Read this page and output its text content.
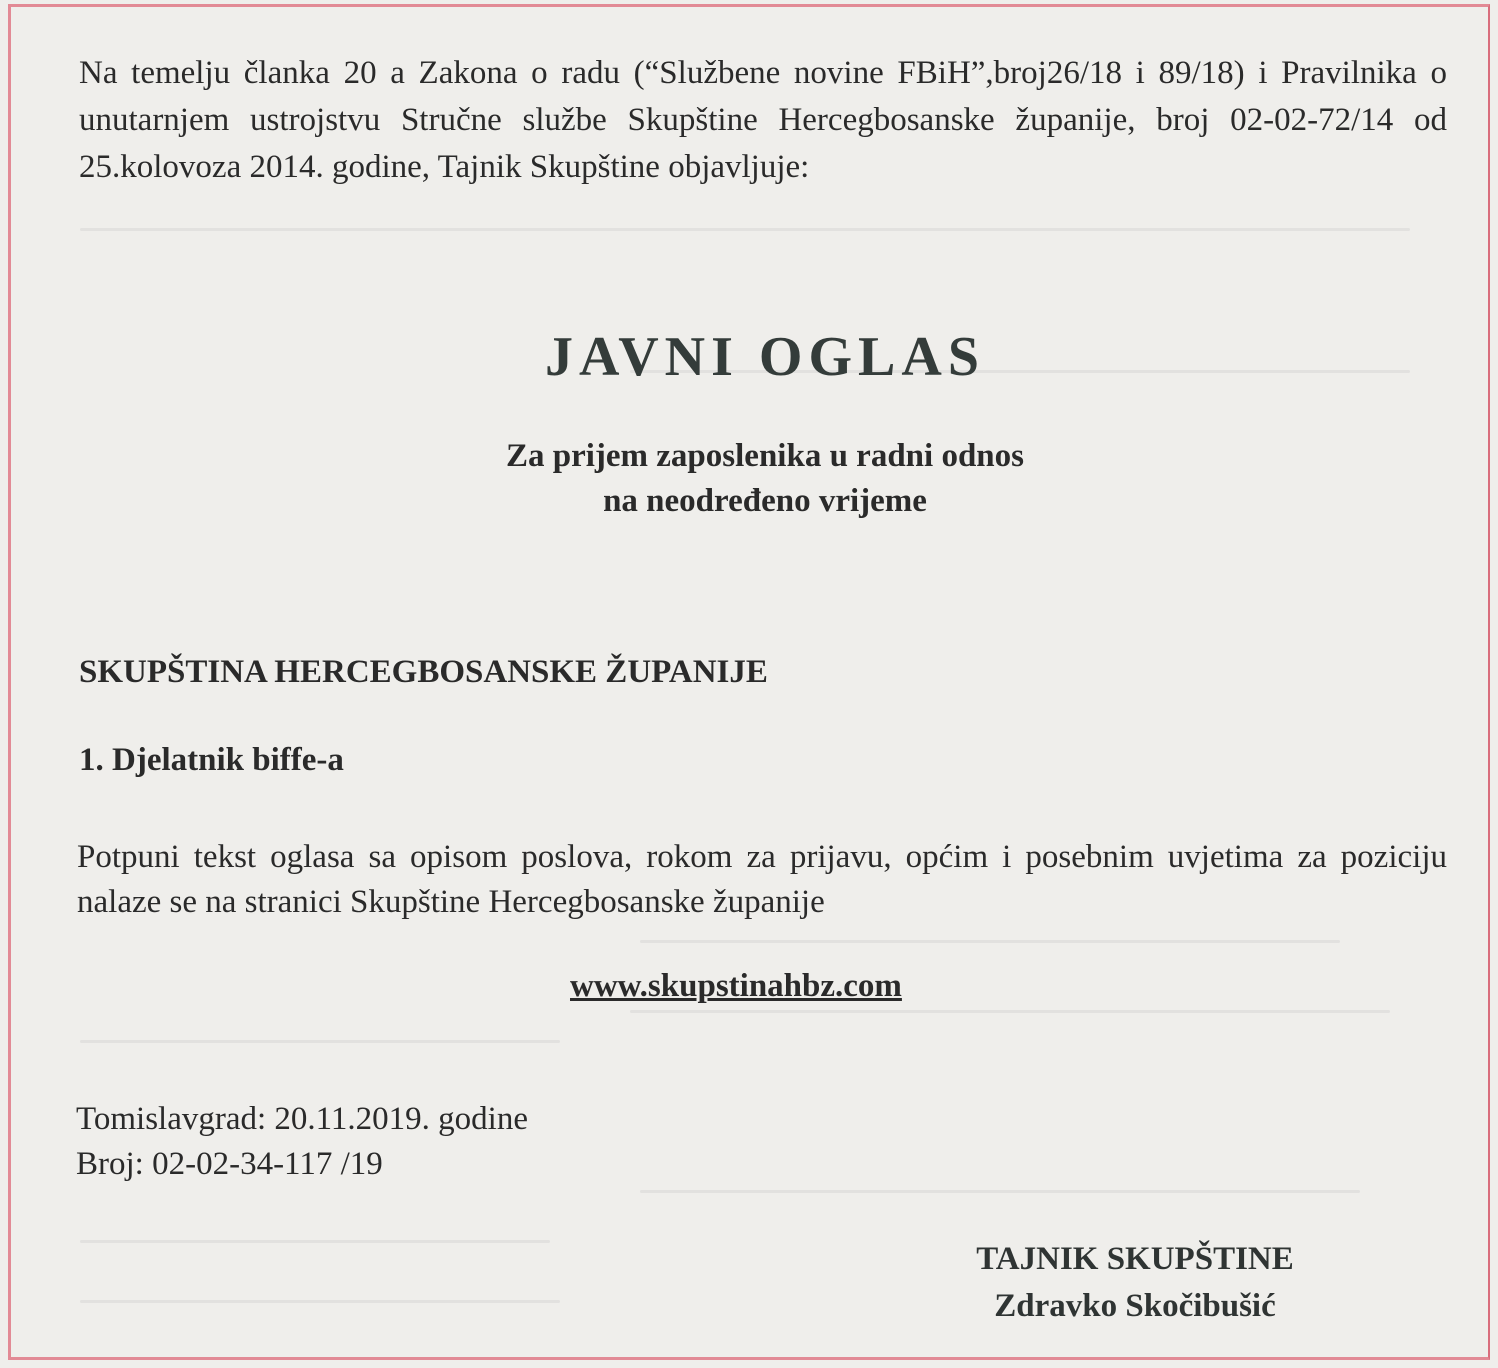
Na temelju članka 20 a Zakona o radu (“Službene novine FBiH”,broj26/18 i 89/18) i Pravilnika o unutarnjem ustrojstvu Stručne službe Skupštine Hercegbosanske županije, broj 02-02-72/14 od 25.kolovoza 2014. godine, Tajnik Skupštine objavljuje:

JAVNI OGLAS
Za prijem zaposlenika u radni odnos
na neodređeno vrijeme
SKUPŠTINA HERCEGBOSANSKE ŽUPANIJE
1. Djelatnik biffe-a

Potpuni tekst oglasa sa opisom poslova, rokom za prijavu, općim i posebnim uvjetima za poziciju nalaze se na stranici Skupštine Hercegbosanske županije

www.skupstinahbz.com
Tomislavgrad: 20.11.2019. godine
Broj: 02-02-34-117 /19
TAJNIK SKUPŠTINE
Zdravko Skočibušić
